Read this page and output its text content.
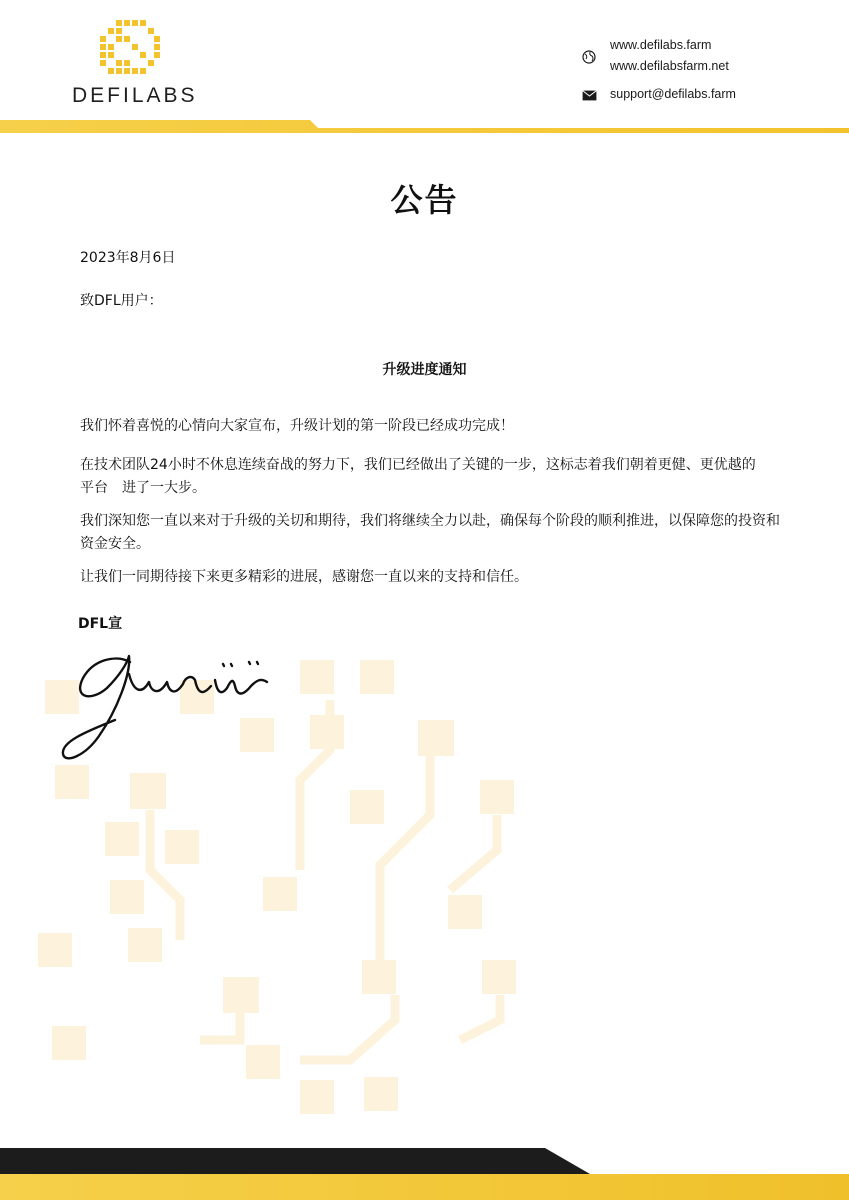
DEFILABS
www.defilabs.farm
www.defilabsfarm.net
support@defilabs.farm
公告
2023年8月6日
致DFL用户：
升级进度通知
我们怀着喜悦的心情向大家宣布，升级计划的第一阶段已经成功完成！
在技术团队24小时不休息连续奋战的努力下，我们已经做出了关键的一步，这标志着我们朝着更健、更优越的平台　进了一大步。
我们深知您一直以来对于升级的关切和期待，我们将继续全力以赴，确保每个阶段的顺利推进，以保障您的投资和资金安全。
让我们一同期待接下来更多精彩的进展，感谢您一直以来的支持和信任。
DFL宣
